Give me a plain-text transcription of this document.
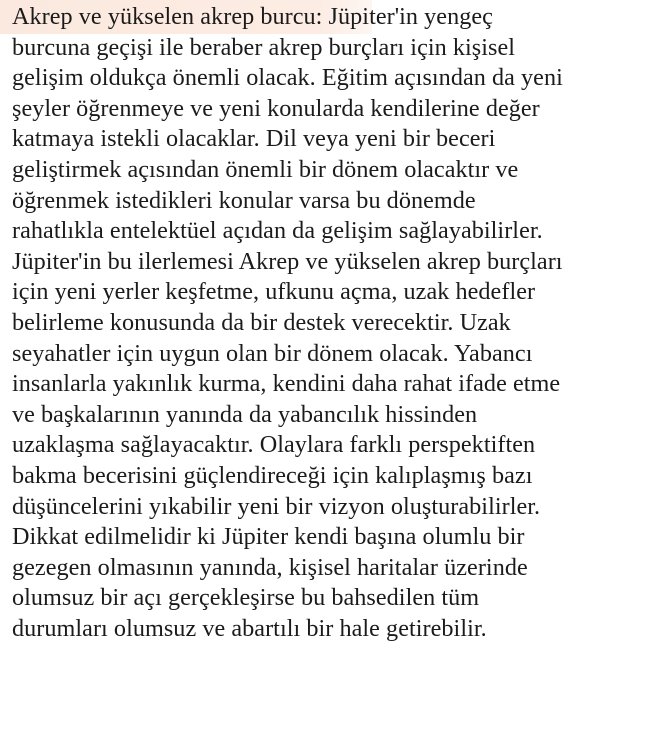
Akrep ve yükselen akrep burcu: Jüpiter'in yengeç
burcuna geçişi ile beraber akrep burçları için kişisel
gelişim oldukça önemli olacak. Eğitim açısından da yeni
şeyler öğrenmeye ve yeni konularda kendilerine değer
katmaya istekli olacaklar. Dil veya yeni bir beceri
geliştirmek açısından önemli bir dönem olacaktır ve
öğrenmek istedikleri konular varsa bu dönemde
rahatlıkla entelektüel açıdan da gelişim sağlayabilirler.
Jüpiter'in bu ilerlemesi Akrep ve yükselen akrep burçları
için yeni yerler keşfetme, ufkunu açma, uzak hedefler
belirleme konusunda da bir destek verecektir. Uzak
seyahatler için uygun olan bir dönem olacak. Yabancı
insanlarla yakınlık kurma, kendini daha rahat ifade etme
ve başkalarının yanında da yabancılık hissinden
uzaklaşma sağlayacaktır. Olaylara farklı perspektiften
bakma becerisini güçlendireceği için kalıplaşmış bazı
düşüncelerini yıkabilir yeni bir vizyon oluşturabilirler.
Dikkat edilmelidir ki Jüpiter kendi başına olumlu bir
gezegen olmasının yanında, kişisel haritalar üzerinde
olumsuz bir açı gerçekleşirse bu bahsedilen tüm
durumları olumsuz ve abartılı bir hale getirebilir.
